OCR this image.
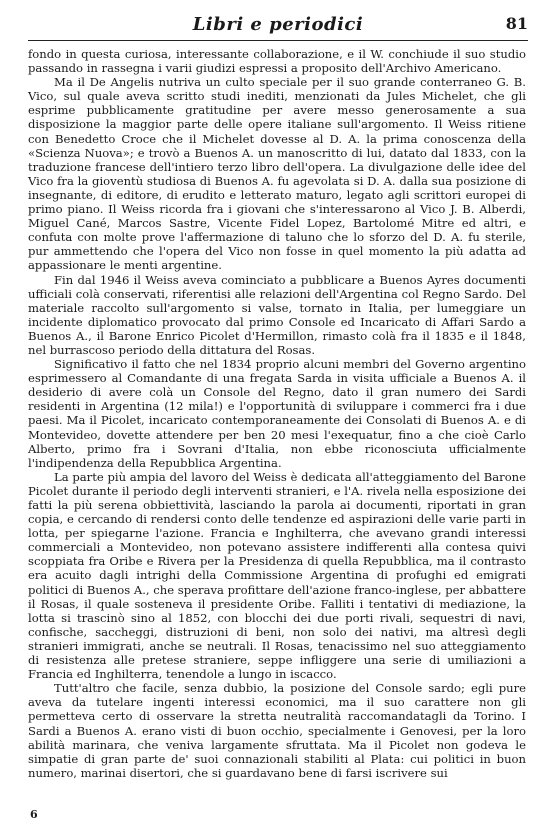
Libri e periodici	81

fondo in questa curiosa, interessante collaborazione, e il W. conchiude il suo studio passando in rassegna i varii giudizi espressi a proposito dell'Archivo Americano.

Ma il De Angelis nutriva un culto speciale per il suo grande conterraneo G. B. Vico, sul quale aveva scritto studi inediti, menzionati da Jules Michelet, che gli esprime pubblicamente gratitudine per avere messo generosamente a sua disposizione la maggior parte delle opere italiane sull'argomento. Il Weiss ritiene con Benedetto Croce che il Michelet dovesse al D. A. la prima conoscenza della «Scienza Nuova»; e trovò a Buenos A. un manoscritto di lui, datato dal 1833, con la traduzione francese dell'intiero terzo libro dell'opera. La divulgazione delle idee del Vico fra la gioventù studiosa di Buenos A. fu agevolata si D. A. dalla sua posizione di insegnante, di editore, di erudito e letterato maturo, legato agli scrittori europei di primo piano. Il Weiss ricorda fra i giovani che s'interessarono al Vico J. B. Alberdi, Miguel Cané, Marcos Sastre, Vicente Fidel Lopez, Bartolomé Mitre ed altri, e confuta con molte prove l'affermazione di taluno che lo sforzo del D. A. fu sterile, pur ammettendo che l'opera del Vico non fosse in quel momento la più adatta ad appassionare le menti argentine.

Fin dal 1946 il Weiss aveva cominciato a pubblicare a Buenos Ayres documenti ufficiali colà conservati, riferentisi alle relazioni dell'Argentina col Regno Sardo. Del materiale raccolto sull'argomento si valse, tornato in Italia, per lumeggiare un incidente diplomatico provocato dal primo Console ed Incaricato di Affari Sardo a Buenos A., il Barone Enrico Picolet d'Hermillon, rimasto colà fra il 1835 e il 1848, nel burrascoso periodo della dittatura del Rosas.

Significativo il fatto che nel 1834 proprio alcuni membri del Governo argentino esprimessero al Comandante di una fregata Sarda in visita ufficiale a Buenos A. il desiderio di avere colà un Console del Regno, dato il gran numero dei Sardi residenti in Argentina (12 mila!) e l'opportunità di sviluppare i commerci fra i due paesi. Ma il Picolet, incaricato contemporaneamente dei Consolati di Buenos A. e di Montevideo, dovette attendere per ben 20 mesi l'exequatur, fino a che cioè Carlo Alberto, primo fra i Sovrani d'Italia, non ebbe riconosciuta ufficialmente l'indipendenza della Repubblica Argentina.

La parte più ampia del lavoro del Weiss è dedicata all'atteggiamento del Barone Picolet durante il periodo degli interventi stranieri, e l'A. rivela nella esposizione dei fatti la più serena obbiettività, lasciando la parola ai documenti, riportati in gran copia, e cercando di rendersi conto delle tendenze ed aspirazioni delle varie parti in lotta, per spiegarne l'azione. Francia e Inghilterra, che avevano grandi interessi commerciali a Montevideo, non potevano assistere indifferenti alla contesa quivi scoppiata fra Oribe e Rivera per la Presidenza di quella Repubblica, ma il contrasto era acuito dagli intrighi della Commissione Argentina di profughi ed emigrati politici di Buenos A., che sperava profittare dell'azione franco-inglese, per abbattere il Rosas, il quale sosteneva il presidente Oribe. Falliti i tentativi di mediazione, la lotta si trascinò sino al 1852, con blocchi dei due porti rivali, sequestri di navi, confische, saccheggi, distruzioni di beni, non solo dei nativi, ma altresì degli stranieri immigrati, anche se neutrali. Il Rosas, tenacissimo nel suo atteggiamento di resistenza alle pretese straniere, seppe infliggere una serie di umiliazioni a Francia ed Inghilterra, tenendole a lungo in iscacco.

Tutt'altro che facile, senza dubbio, la posizione del Console sardo; egli pure aveva da tutelare ingenti interessi economici, ma il suo carattere non gli permetteva certo di osservare la stretta neutralità raccomandatagli da Torino. I Sardi a Buenos A. erano visti di buon occhio, specialmente i Genovesi, per la loro abilità marinara, che veniva largamente sfruttata. Ma il Picolet non godeva le simpatie di gran parte de' suoi connazionali stabiliti al Plata: cui politici in buon numero, marinai disertori, che si guardavano bene di farsi iscrivere sui

6
